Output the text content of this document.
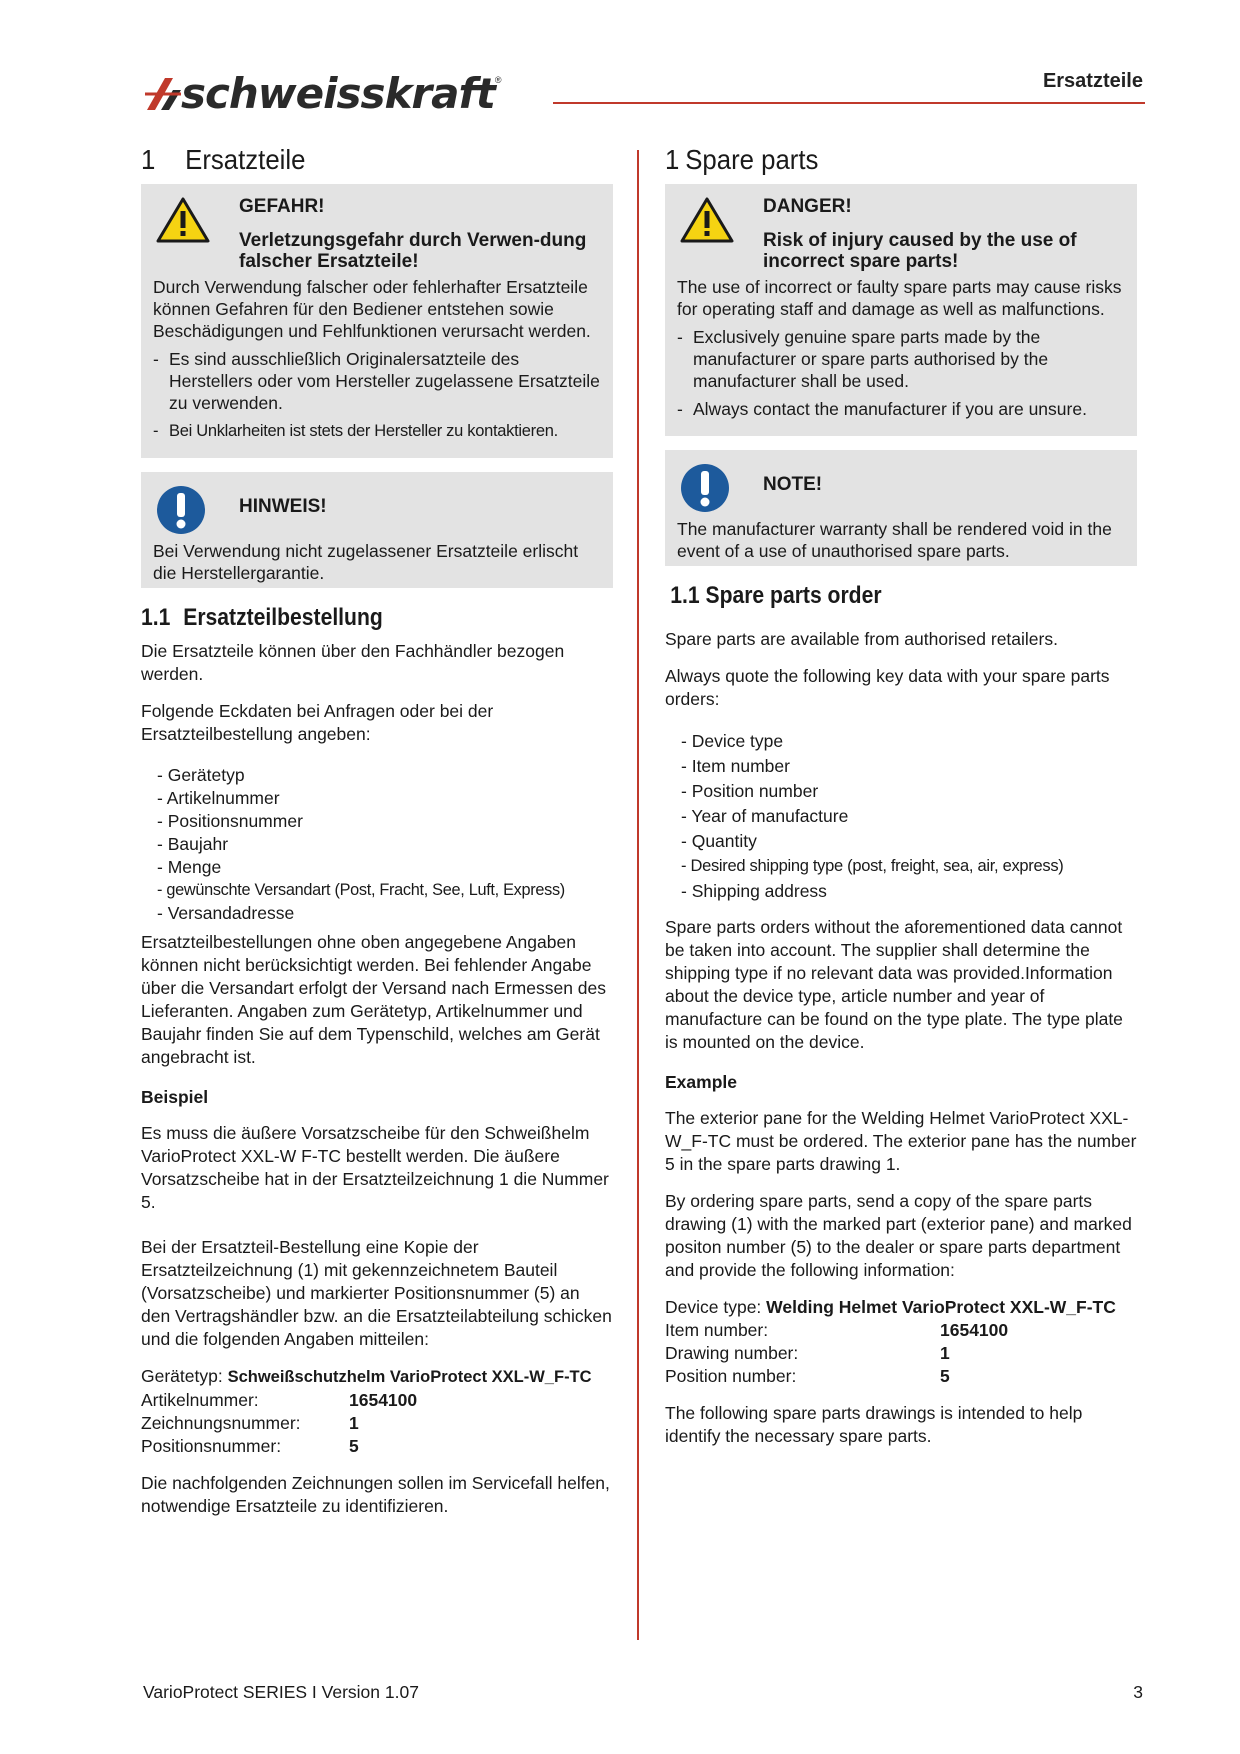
schweisskraft ®	Ersatzteile
1	Ersatzteile
GEFAHR!
Verletzungsgefahr durch Verwen-dung falscher Ersatzteile!

Durch Verwendung falscher oder fehlerhafter Ersatzteile können Gefahren für den Bediener entstehen sowie Beschädigungen und Fehlfunktionen verursacht werden.

- Es sind ausschließlich Originalersatzteile des Herstellers oder vom Hersteller zugelassene Ersatzteile zu verwenden.
- Bei Unklarheiten ist stets der Hersteller zu kontaktieren.
HINWEIS!

Bei Verwendung nicht zugelassener Ersatzteile erlischt die Herstellergarantie.

1.1 Ersatzteilbestellung

Die Ersatzteile können über den Fachhändler bezogen werden.

Folgende Eckdaten bei Anfragen oder bei der Ersatzteilbestellung angeben:

- Gerätetyp
- Artikelnummer
- Positionsnummer
- Baujahr
- Menge
- gewünschte Versandart (Post, Fracht, See, Luft, Express)
- Versandadresse

Ersatzteilbestellungen ohne oben angegebene Angaben können nicht berücksichtigt werden. Bei fehlender Angabe über die Versandart erfolgt der Versand nach Ermessen des Lieferanten. Angaben zum Gerätetyp, Artikelnummer und Baujahr finden Sie auf dem Typenschild, welches am Gerät angebracht ist.

Beispiel

Es muss die äußere Vorsatzscheibe für den Schweißhelm VarioProtect XXL-W F-TC bestellt werden. Die äußere Vorsatzscheibe hat in der Ersatzteilzeichnung 1 die Nummer 5.

Bei der Ersatzteil-Bestellung eine Kopie der Ersatzteilzeichnung (1) mit gekennzeichnetem Bauteil (Vorsatzscheibe) und markierter Positionsnummer (5) an den Vertragshändler bzw. an die Ersatzteilabteilung schicken und die folgenden Angaben mitteilen:

Gerätetyp: Schweißschutzhelm VarioProtect XXL-W_F-TC
Artikelnummer:	1654100
Zeichnungsnummer:	1
Positionsnummer:	5

Die nachfolgenden Zeichnungen sollen im Servicefall helfen, notwendige Ersatzteile zu identifizieren.

1 Spare parts
DANGER!
Risk of injury caused by the use of incorrect spare parts!

The use of incorrect or faulty spare parts may cause risks for operating staff and damage as well as malfunctions.

- Exclusively genuine spare parts made by the manufacturer or spare parts authorised by the manufacturer shall be used.
- Always contact the manufacturer if you are unsure.
NOTE!

The manufacturer warranty shall be rendered void in the event of a use of unauthorised spare parts.

1.1 Spare parts order

Spare parts are available from authorised retailers.

Always quote the following key data with your spare parts orders:

- Device type
- Item number
- Position number
- Year of manufacture
- Quantity
- Desired shipping type (post, freight, sea, air, express)
- Shipping address

Spare parts orders without the aforementioned data cannot be taken into account. The supplier shall determine the shipping type if no relevant data was provided.Information about the device type, article number and year of manufacture can be found on the type plate. The type plate is mounted on the device.

Example

The exterior pane for the Welding Helmet VarioProtect XXL-W_F-TC must be ordered. The exterior pane has the number 5 in the spare parts drawing 1.

By ordering spare parts, send a copy of the spare parts drawing (1) with the marked part (exterior pane) and marked positon number (5) to the dealer or spare parts department and provide the following information:

Device type: Welding Helmet VarioProtect XXL-W_F-TC
Item number:	1654100
Drawing number:	1
Position number:	5

The following spare parts drawings is intended to help identify the necessary spare parts.

VarioProtect SERIES I Version 1.07	3
